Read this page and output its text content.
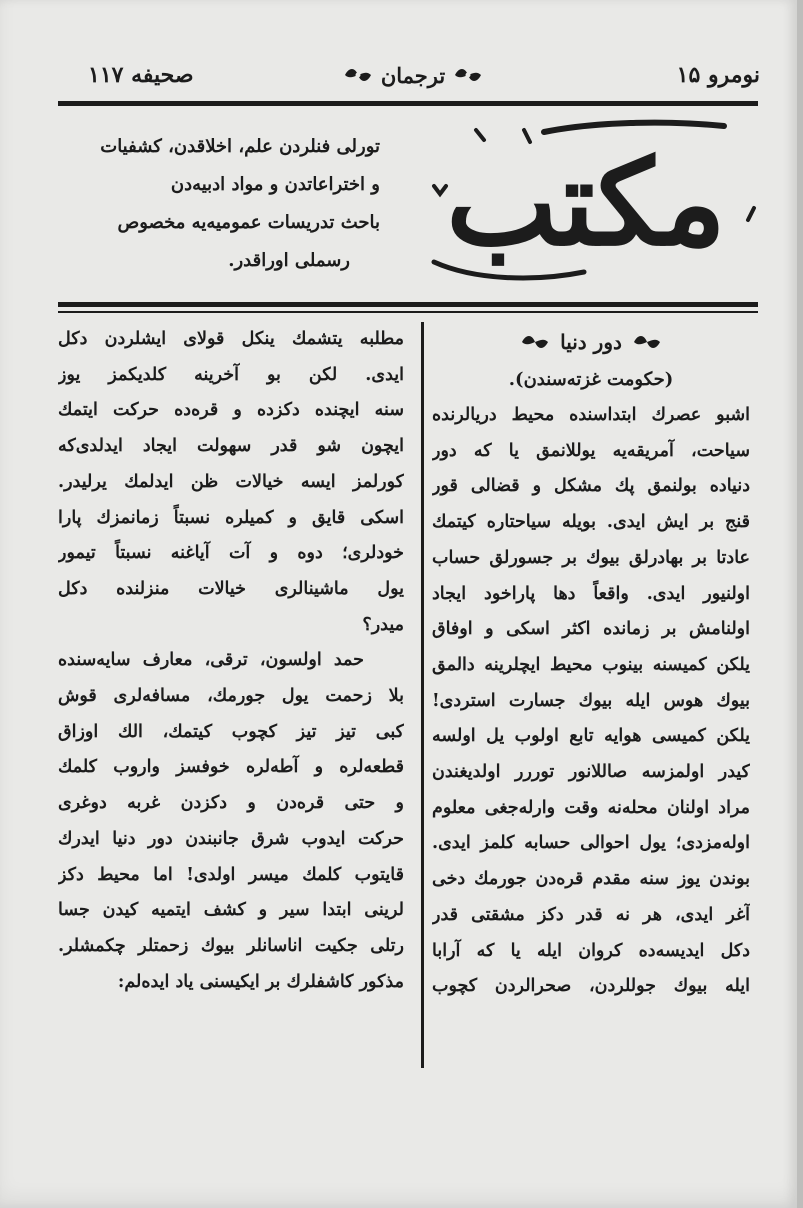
صحیفه ۱۱۷	ترجمان	نومرو ۱۵
تورلی فنلردن علم، اخلاقدن، کشفیات
و اختراعاتدن و مواد ادبیه‌دن
باحث تدریسات عمومیه‌یه مخصوص
رسملی اوراقدر. مکتب
دور دنیا
(حکومت غزته‌سندن).
اشبو عصرك ابتداسنده محیط دریالرنده
سیاحت، آمریقه‌یه یوللانمق یا که دور
دنیاده بولنمق پك مشکل و قضالی قور
قنج بر ایش ایدی. بویله سیاحتاره کیتمك
عادتا بر بهادرلق بیوك بر جسورلق حساب
اولنیور ایدی. واقعاً دها پاراخود ایجاد
اولنامش بر زمانده اکثر اسکی و اوفاق
یلکن کمیسنه بینوب محیط ایچلرینه دالمق
بیوك هوس ایله بیوك جسارت استردی!
یلکن کمیسی هوایه تابع اولوب یل اولسه
کیدر اولمزسه صاللانور توررر اولدیغندن
مراد اولنان محله‌نه وقت وارله‌جغی معلوم
اوله‌مزدی؛ یول احوالی حسابه کلمز ایدی.
بوندن یوز سنه مقدم قره‌دن جورمك دخی
آغر ایدی، هر نه قدر دکز مشقتی قدر
دکل ایدیسه‌ده کروان ایله یا که آرابا
ایله بیوك جوللردن، صحرالردن کچوب
مطلبه یتشمك ینکل قولای ایشلردن دکل
ایدی. لکن بو آخرینه کلدیکمز یوز
سنه ایچنده دکزده و قره‌ده حرکت ایتمك
ایچون شو قدر سهولت ایجاد ایدلدی‌که
کورلمز ایسه خیالات ظن ایدلمك یرلیدر.
اسکی قایق و کمیلره نسبتاً زمانمزك پارا
خودلری؛ دوه و آت آیاغنه نسبتاً تیمور
یول ماشینالری خیالات منزلنده دکل
میدر؟
حمد اولسون، ترقی، معارف سایه‌سنده
بلا زحمت یول جورمك، مسافه‌لری قوش
کبی تیز تیز کچوب کیتمك، الك اوزاق
قطعه‌لره و آطه‌لره خوفسز واروب کلمك
و حتی قره‌دن و دکزدن غربه دوغری
حرکت ایدوب شرق جانبندن دور دنیا ایدرك
قایتوب کلمك میسر اولدی! اما محیط دکز
لرینی ابتدا سیر و کشف ایتمیه کیدن جسا
رتلی جکیت اناسانلر بیوك زحمتلر چکمشلر.
مذکور کاشفلرك بر ایکیسنی یاد ایده‌لم:
